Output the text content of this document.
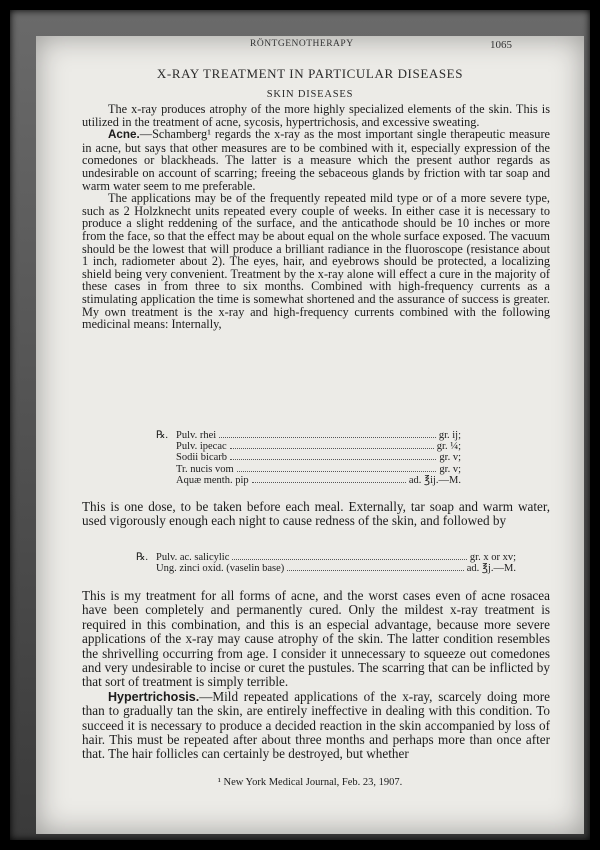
RÖNTGENOTHERAPY	1065
X-RAY TREATMENT IN PARTICULAR DISEASES
SKIN DISEASES

The x-ray produces atrophy of the more highly specialized elements of the skin. This is utilized in the treatment of acne, sycosis, hypertrichosis, and excessive sweating.

Acne.—Schamberg¹ regards the x-ray as the most important single therapeutic measure in acne, but says that other measures are to be combined with it, especially expression of the comedones or blackheads. The latter is a measure which the present author regards as undesirable on account of scarring; freeing the sebaceous glands by friction with tar soap and warm water seem to me preferable.

The applications may be of the frequently repeated mild type or of a more severe type, such as 2 Holzknecht units repeated every couple of weeks. In either case it is necessary to produce a slight reddening of the surface, and the anticathode should be 10 inches or more from the face, so that the effect may be about equal on the whole surface exposed. The vacuum should be the lowest that will produce a brilliant radiance in the fluoroscope (resistance about 1 inch, radiometer about 2). The eyes, hair, and eyebrows should be protected, a localizing shield being very convenient. Treatment by the x-ray alone will effect a cure in the majority of these cases in from three to six months. Combined with high-frequency currents as a stimulating application the time is somewhat shortened and the assurance of success is greater. My own treatment is the x-ray and high-frequency currents combined with the following medicinal means: Internally,

℞. Pulv. rhei	gr. ij;
Pulv. ipecac	gr. ¼;
Sodii bicarb	gr. v;
Tr. nucis vom	gr. v;
Aquæ menth. pip	ad. ℥ij.—M.

This is one dose, to be taken before each meal. Externally, tar soap and warm water, used vigorously enough each night to cause redness of the skin, and followed by

℞. Pulv. ac. salicylic	gr. x or xv;
Ung. zinci oxid. (vaselin base)	ad. ℥j.—M.

This is my treatment for all forms of acne, and the worst cases even of acne rosacea have been completely and permanently cured. Only the mildest x-ray treatment is required in this combination, and this is an especial advantage, because more severe applications of the x-ray may cause atrophy of the skin. The latter condition resembles the shrivelling occurring from age. I consider it unnecessary to squeeze out comedones and very undesirable to incise or curet the pustules. The scarring that can be inflicted by that sort of treatment is simply terrible.

Hypertrichosis.—Mild repeated applications of the x-ray, scarcely doing more than to gradually tan the skin, are entirely ineffective in dealing with this condition. To succeed it is necessary to produce a decided reaction in the skin accompanied by loss of hair. This must be repeated after about three months and perhaps more than once after that. The hair follicles can certainly be destroyed, but whether

¹ New York Medical Journal, Feb. 23, 1907.
